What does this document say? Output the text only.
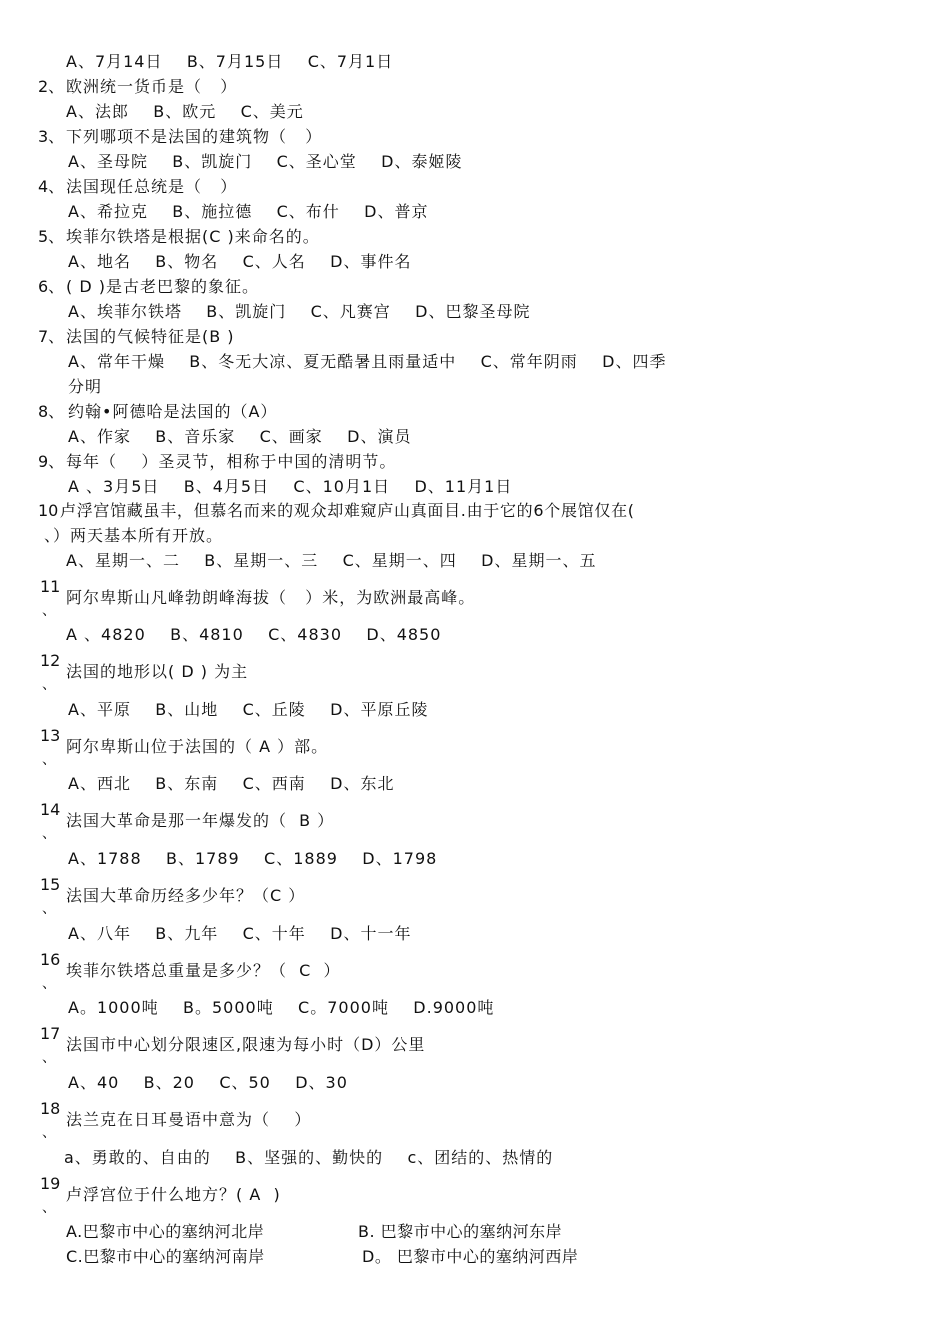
A、7月14日    B、7月15日    C、7月1日
2、 欧洲统一货币是（   ）
A、法郎    B、欧元    C、美元
3、 下列哪项不是法国的建筑物（   ）
A、圣母院    B、凯旋门    C、圣心堂    D、泰姬陵
4、 法国现任总统是（   ）
A、希拉克    B、施拉德    C、布什    D、普京
5、 埃菲尔铁塔是根据(C )来命名的。
A、地名    B、物名    C、人名    D、事件名
6、 ( D )是古老巴黎的象征。
A、埃菲尔铁塔    B、凯旋门    C、凡赛宫    D、巴黎圣母院
7、 法国的气候特征是(B )
A、常年干燥    B、冬无大凉、夏无酷暑且雨量适中    C、常年阴雨    D、四季
分明
8、 约翰•阿德哈是法国的（A）
A、作家    B、音乐家    C、画家    D、演员
9、 每年（    ）圣灵节，相称于中国的清明节。
A 、3月5日    B、4月5日    C、10月1日    D、11月1日
10 卢浮宫馆藏虽丰，但慕名而来的观众却难窥庐山真面目.由于它的6个展馆仅在(
、）两天基本所有开放。
A、星期一、二    B、星期一、三    C、星期一、四    D、星期一、五
11
、
阿尔卑斯山凡峰勃朗峰海拔（   ）米，为欧洲最高峰。
A 、4820    B、4810    C、4830    D、4850
12
、
法国的地形以( D ) 为主
A、平原    B、山地    C、丘陵    D、平原丘陵
13
、
阿尔卑斯山位于法国的（ A ）部。
A、西北    B、东南    C、西南    D、东北
14
、
法国大革命是那一年爆发的（  B ）
A、1788    B、1789    C、1889    D、1798
15
、
法国大革命历经多少年？（C ）
A、八年    B、九年    C、十年    D、十一年
16
、
埃菲尔铁塔总重量是多少？（  C  ）
A。1000吨    B。5000吨    C。7000吨    D.9000吨
17
、
法国市中心划分限速区,限速为每小时（D）公里
A、40    B、20    C、50    D、30
18
、
法兰克在日耳曼语中意为（    ）
a、勇敢的、自由的    B、坚强的、勤快的    c、团结的、热情的
19
、
卢浮宫位于什么地方？( A  )
A.巴黎市中心的塞纳河北岸	B. 巴黎市中心的塞纳河东岸
C.巴黎市中心的塞纳河南岸	D。 巴黎市中心的塞纳河西岸
